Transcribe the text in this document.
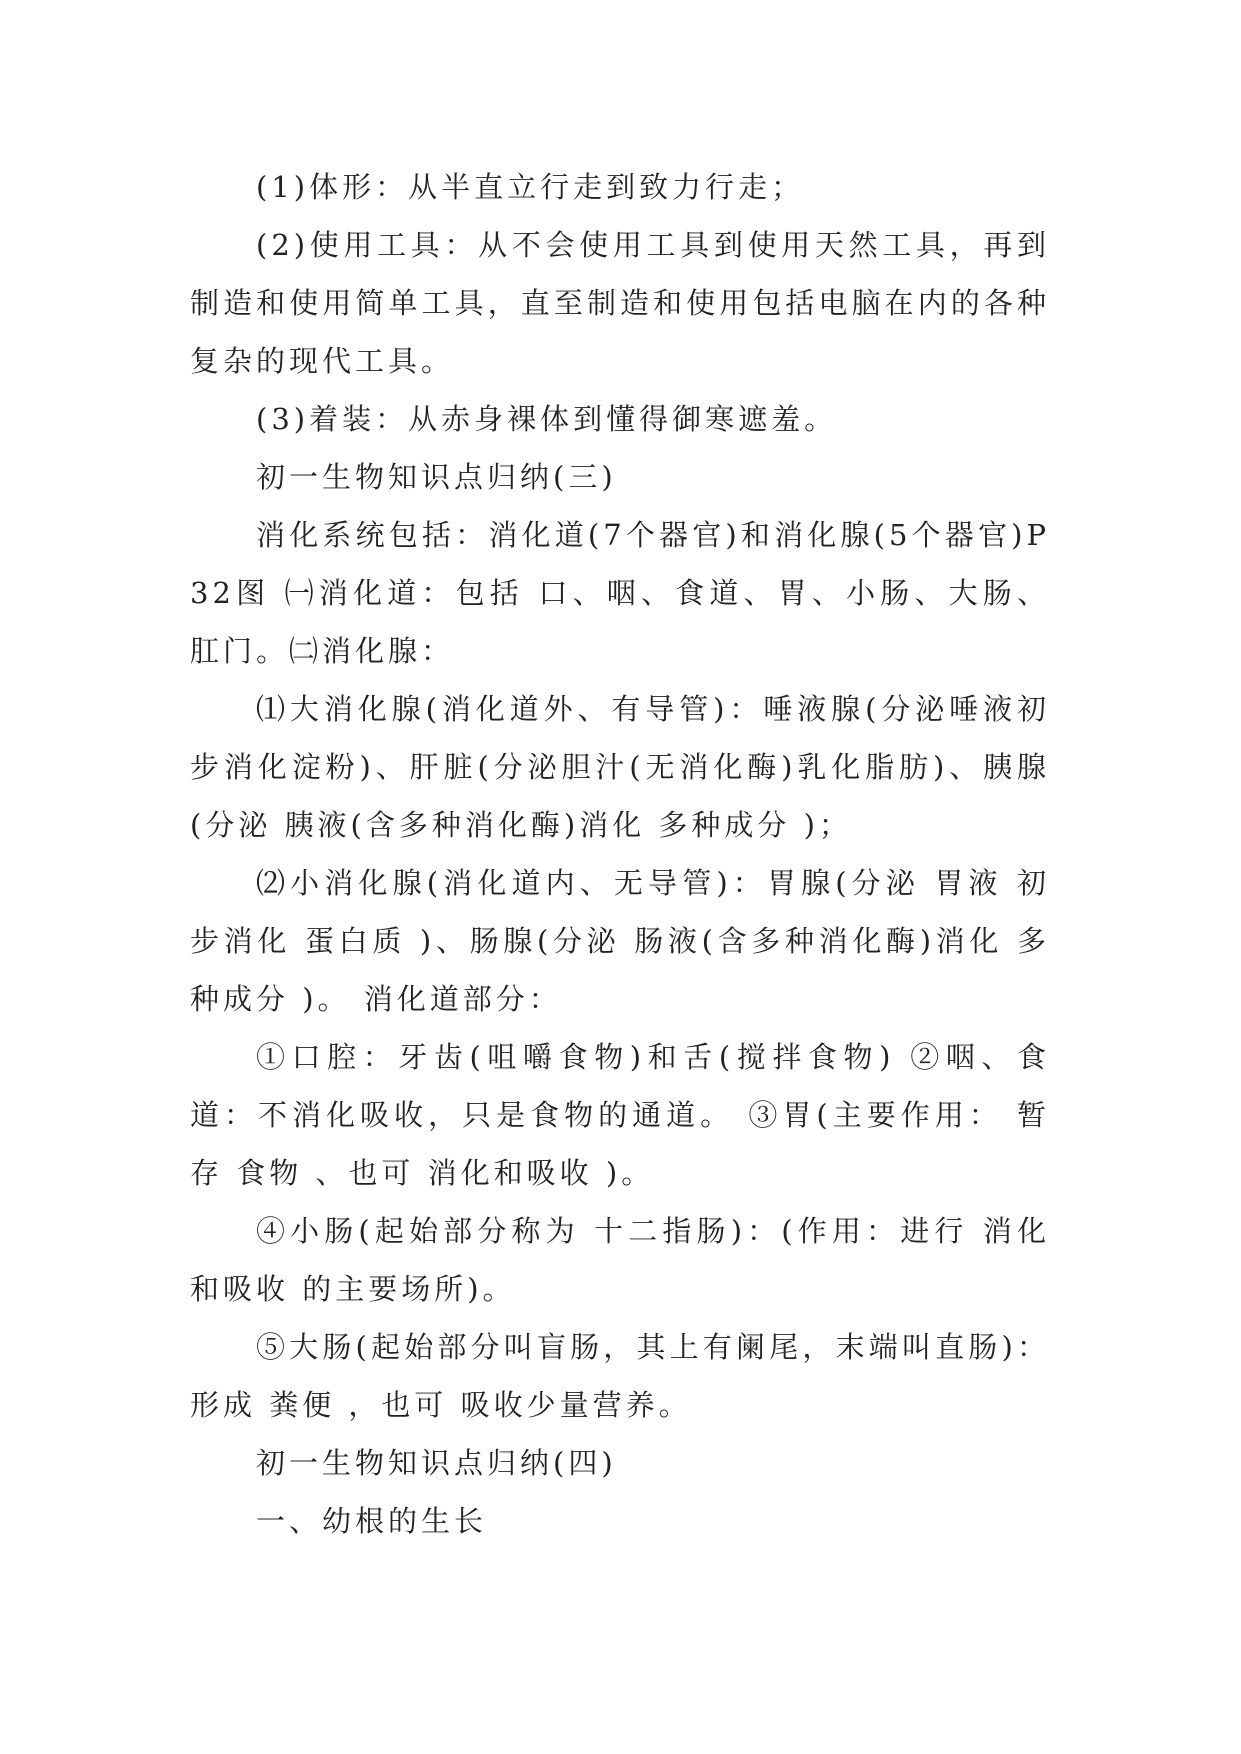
(1)体形：从半直立行走到致力行走；

(2)使用工具：从不会使用工具到使用天然工具，再到制造和使用简单工具，直至制造和使用包括电脑在内的各种复杂的现代工具。

(3)着装：从赤身裸体到懂得御寒遮羞。

初一生物知识点归纳(三)

消化系统包括：消化道(7个器官)和消化腺(5个器官)P32图 ㈠消化道：包括 口、咽、食道、胃、小肠、大肠、肛门。㈡消化腺：

⑴大消化腺(消化道外、有导管)：唾液腺(分泌唾液初步消化淀粉)、肝脏(分泌胆汁(无消化酶)乳化脂肪)、胰腺(分泌 胰液(含多种消化酶)消化 多种成分 )；

⑵小消化腺(消化道内、无导管)：胃腺(分泌 胃液 初步消化 蛋白质 )、肠腺(分泌 肠液(含多种消化酶)消化 多种成分 )。 消化道部分：

①口腔：牙齿(咀嚼食物)和舌(搅拌食物) ②咽、食道：不消化吸收，只是食物的通道。 ③胃(主要作用： 暂存 食物 、也可 消化和吸收 )。

④小肠(起始部分称为 十二指肠)：(作用：进行 消化和吸收 的主要场所)。

⑤大肠(起始部分叫盲肠，其上有阑尾，末端叫直肠)：形成 粪便 ，也可 吸收少量营养。

初一生物知识点归纳(四)

一、幼根的生长
